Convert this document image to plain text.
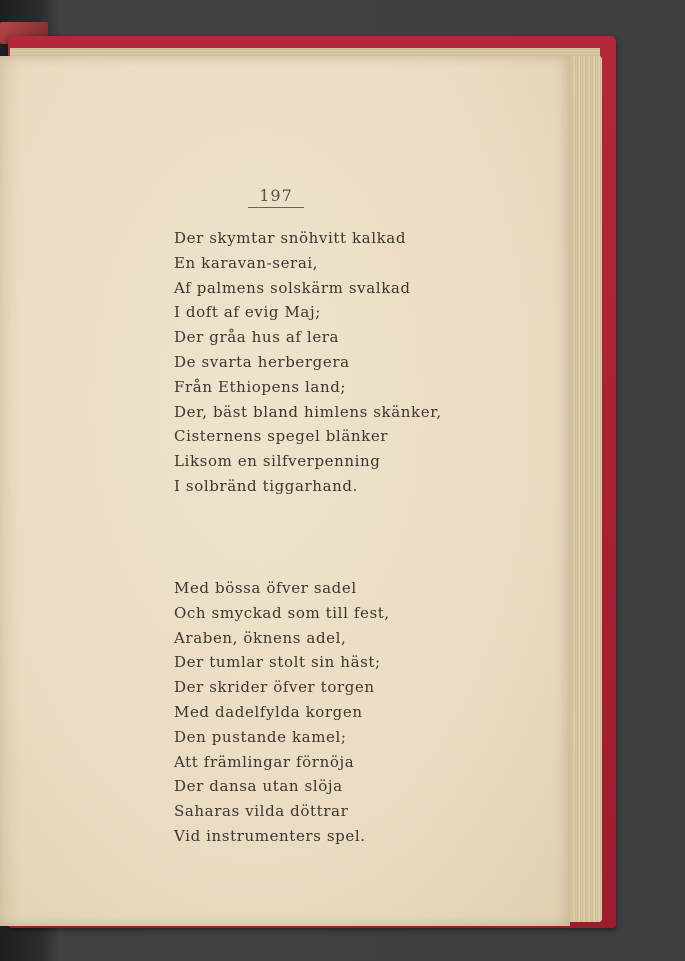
197
Der skymtar snöhvitt kalkad
En karavan-serai,
Af palmens solskärm svalkad
I doft af evig Maj;
Der gråa hus af lera
De svarta herbergera
Från Ethiopens land;
Der, bäst bland himlens skänker,
Cisternens spegel blänker
Liksom en silfverpenning
I solbränd tiggarhand.
Med bössa öfver sadel
Och smyckad som till fest,
Araben, öknens adel,
Der tumlar stolt sin häst;
Der skrider öfver torgen
Med dadelfylda korgen
Den pustande kamel;
Att främlingar förnöja
Der dansa utan slöja
Saharas vilda döttrar
Vid instrumenters spel.
